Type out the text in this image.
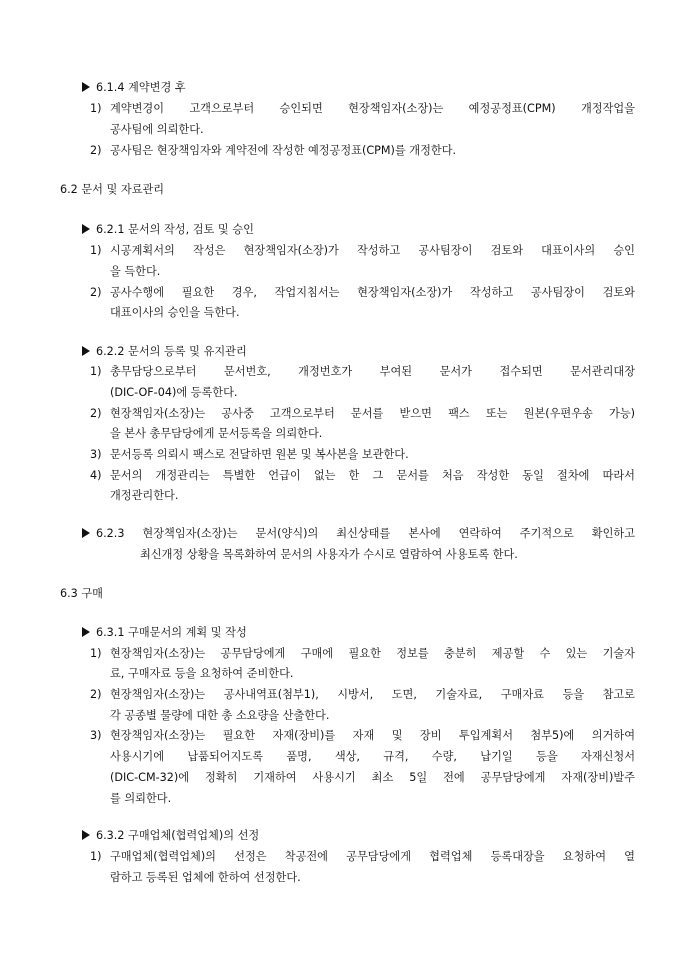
6.1.4 계약변경 후
1) 계약변경이 고객으로부터 승인되면 현장책임자(소장)는 예정공정표(CPM) 개정작업을
공사팀에 의뢰한다.
2) 공사팀은 현장책임자와 계약전에 작성한 예정공정표(CPM)를 개정한다.
6.2 문서 및 자료관리
6.2.1 문서의 작성, 검토 및 승인
1) 시공계획서의 작성은 현장책임자(소장)가 작성하고 공사팀장이 검토와 대표이사의 승인
을 득한다.
2) 공사수행에 필요한 경우, 작업지침서는 현장책임자(소장)가 작성하고 공사팀장이 검토와
대표이사의 승인을 득한다.
6.2.2 문서의 등록 및 유지관리
1) 총무담당으로부터 문서번호, 개정번호가 부여된 문서가 접수되면 문서관리대장
(DIC-OF-04)에 등록한다.
2) 현장책임자(소장)는 공사중 고객으로부터 문서를 받으면 팩스 또는 원본(우편우송 가능)
을 본사 총무담당에게 문서등록을 의뢰한다.
3) 문서등록 의뢰시 팩스로 전달하면 원본 및 복사본을 보관한다.
4) 문서의 개정관리는 특별한 언급이 없는 한 그 문서를 처음 작성한 동일 절차에 따라서
개정관리한다.
6.2.3 현장책임자(소장)는 문서(양식)의 최신상태를 본사에 연락하여 주기적으로 확인하고
최신개정 상황을 목록화하여 문서의 사용자가 수시로 열람하여 사용토록 한다.
6.3 구매
6.3.1 구매문서의 계획 및 작성
1) 현장책임자(소장)는 공무담당에게 구매에 필요한 정보를 충분히 제공할 수 있는 기술자
료, 구매자료 등을 요청하여 준비한다.
2) 현장책임자(소장)는 공사내역표(첨부1), 시방서, 도면, 기술자료, 구매자료 등을 참고로
각 공종별 물량에 대한 총 소요량을 산출한다.
3) 현장책임자(소장)는 필요한 자재(장비)를 자재 및 장비 투입계획서 첨부5)에 의거하여
사용시기에 납품되어지도록 품명, 색상, 규격, 수량, 납기일 등을 자재신청서
(DIC-CM-32)에 정확히 기재하여 사용시기 최소 5일 전에 공무담당에게 자재(장비)발주
를 의뢰한다.
6.3.2 구매업체(협력업체)의 선정
1) 구매업체(협력업체)의 선정은 착공전에 공무담당에게 협력업체 등록대장을 요청하여 열
람하고 등록된 업체에 한하여 선정한다.
